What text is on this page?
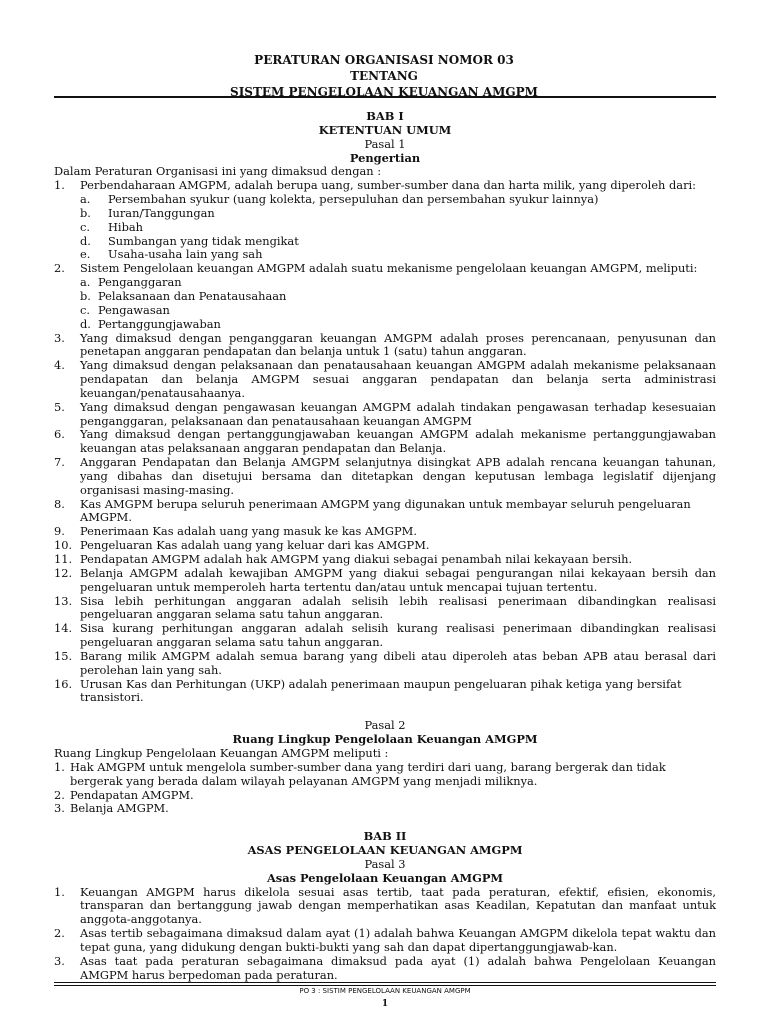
PERATURAN ORGANISASI NOMOR 03
TENTANG
SISTEM PENGELOLAAN KEUANGAN AMGPM
BAB I
KETENTUAN UMUM
Pasal 1
Pengertian
Dalam Peraturan Organisasi ini yang dimaksud dengan :
1.	Perbendaharaan AMGPM, adalah berupa uang, sumber-sumber dana dan harta milik, yang diperoleh dari:
a.	Persembahan syukur (uang kolekta, persepuluhan dan persembahan syukur lainnya)
b.	Iuran/Tanggungan
c.	Hibah
d.	Sumbangan yang tidak mengikat
e.	Usaha-usaha lain yang sah
2.	Sistem Pengelolaan keuangan AMGPM adalah suatu mekanisme pengelolaan keuangan AMGPM, meliputi:
a. Penganggaran
b. Pelaksanaan dan Penatausahaan
c. Pengawasan
d. Pertanggungjawaban
3.	Yang dimaksud dengan penganggaran keuangan AMGPM adalah proses perencanaan, penyusunan dan penetapan anggaran pendapatan dan belanja untuk 1 (satu) tahun anggaran.
4.	Yang dimaksud dengan pelaksanaan dan penatausahaan keuangan AMGPM adalah mekanisme pelaksanaan pendapatan dan belanja AMGPM sesuai anggaran pendapatan dan belanja serta administrasi keuangan/penatausahaanya.
5.	Yang dimaksud dengan pengawasan keuangan AMGPM adalah tindakan pengawasan terhadap kesesuaian penganggaran, pelaksanaan dan penatausahaan keuangan AMGPM
6.	Yang dimaksud dengan pertanggungjawaban keuangan AMGPM adalah mekanisme pertanggungjawaban keuangan atas pelaksanaan anggaran pendapatan dan Belanja.
7.	Anggaran Pendapatan dan Belanja AMGPM selanjutnya disingkat APB adalah rencana keuangan tahunan, yang dibahas dan disetujui bersama dan ditetapkan dengan keputusan lembaga legislatif dijenjang organisasi masing-masing.
8.	Kas AMGPM berupa seluruh penerimaan AMGPM yang digunakan untuk membayar seluruh pengeluaran AMGPM.
9.	Penerimaan Kas adalah uang yang masuk ke kas AMGPM.
10. Pengeluaran Kas adalah uang yang keluar dari kas AMGPM.
11. Pendapatan AMGPM adalah hak AMGPM yang diakui sebagai penambah nilai kekayaan bersih.
12. Belanja AMGPM adalah kewajiban AMGPM yang diakui sebagai pengurangan nilai kekayaan bersih dan pengeluaran untuk memperoleh harta tertentu dan/atau untuk mencapai tujuan tertentu.
13. Sisa lebih perhitungan anggaran adalah selisih lebih realisasi penerimaan dibandingkan realisasi pengeluaran anggaran selama satu tahun anggaran.
14. Sisa kurang perhitungan anggaran adalah selisih kurang realisasi penerimaan dibandingkan realisasi pengeluaran anggaran selama satu tahun anggaran.
15. Barang milik AMGPM adalah semua barang yang dibeli atau diperoleh atas beban APB atau berasal dari perolehan lain yang sah.
16. Urusan Kas dan Perhitungan (UKP) adalah penerimaan maupun pengeluaran pihak ketiga yang bersifat transistori.
Pasal 2
Ruang Lingkup Pengelolaan Keuangan AMGPM
Ruang Lingkup Pengelolaan Keuangan AMGPM meliputi :
1. Hak AMGPM untuk mengelola sumber-sumber dana yang terdiri dari uang, barang bergerak dan tidak bergerak yang berada dalam wilayah pelayanan AMGPM yang menjadi miliknya.
2. Pendapatan AMGPM.
3. Belanja AMGPM.
BAB II
ASAS PENGELOLAAN KEUANGAN AMGPM
Pasal 3
Asas Pengelolaan Keuangan AMGPM
1.	Keuangan AMGPM harus dikelola sesuai asas tertib, taat pada peraturan, efektif, efisien, ekonomis, transparan dan bertanggung jawab dengan memperhatikan asas Keadilan, Kepatutan dan manfaat untuk anggota-anggotanya.
2.	Asas tertib sebagaimana dimaksud dalam ayat (1) adalah bahwa Keuangan AMGPM dikelola tepat waktu dan tepat guna, yang didukung dengan bukti-bukti yang sah dan dapat dipertanggungjawab-kan.
3.	Asas taat pada peraturan sebagaimana dimaksud pada ayat (1) adalah bahwa Pengelolaan Keuangan AMGPM harus berpedoman pada peraturan.
PO 3 : SISTIM PENGELOLAAN KEUANGAN AMGPM
1
